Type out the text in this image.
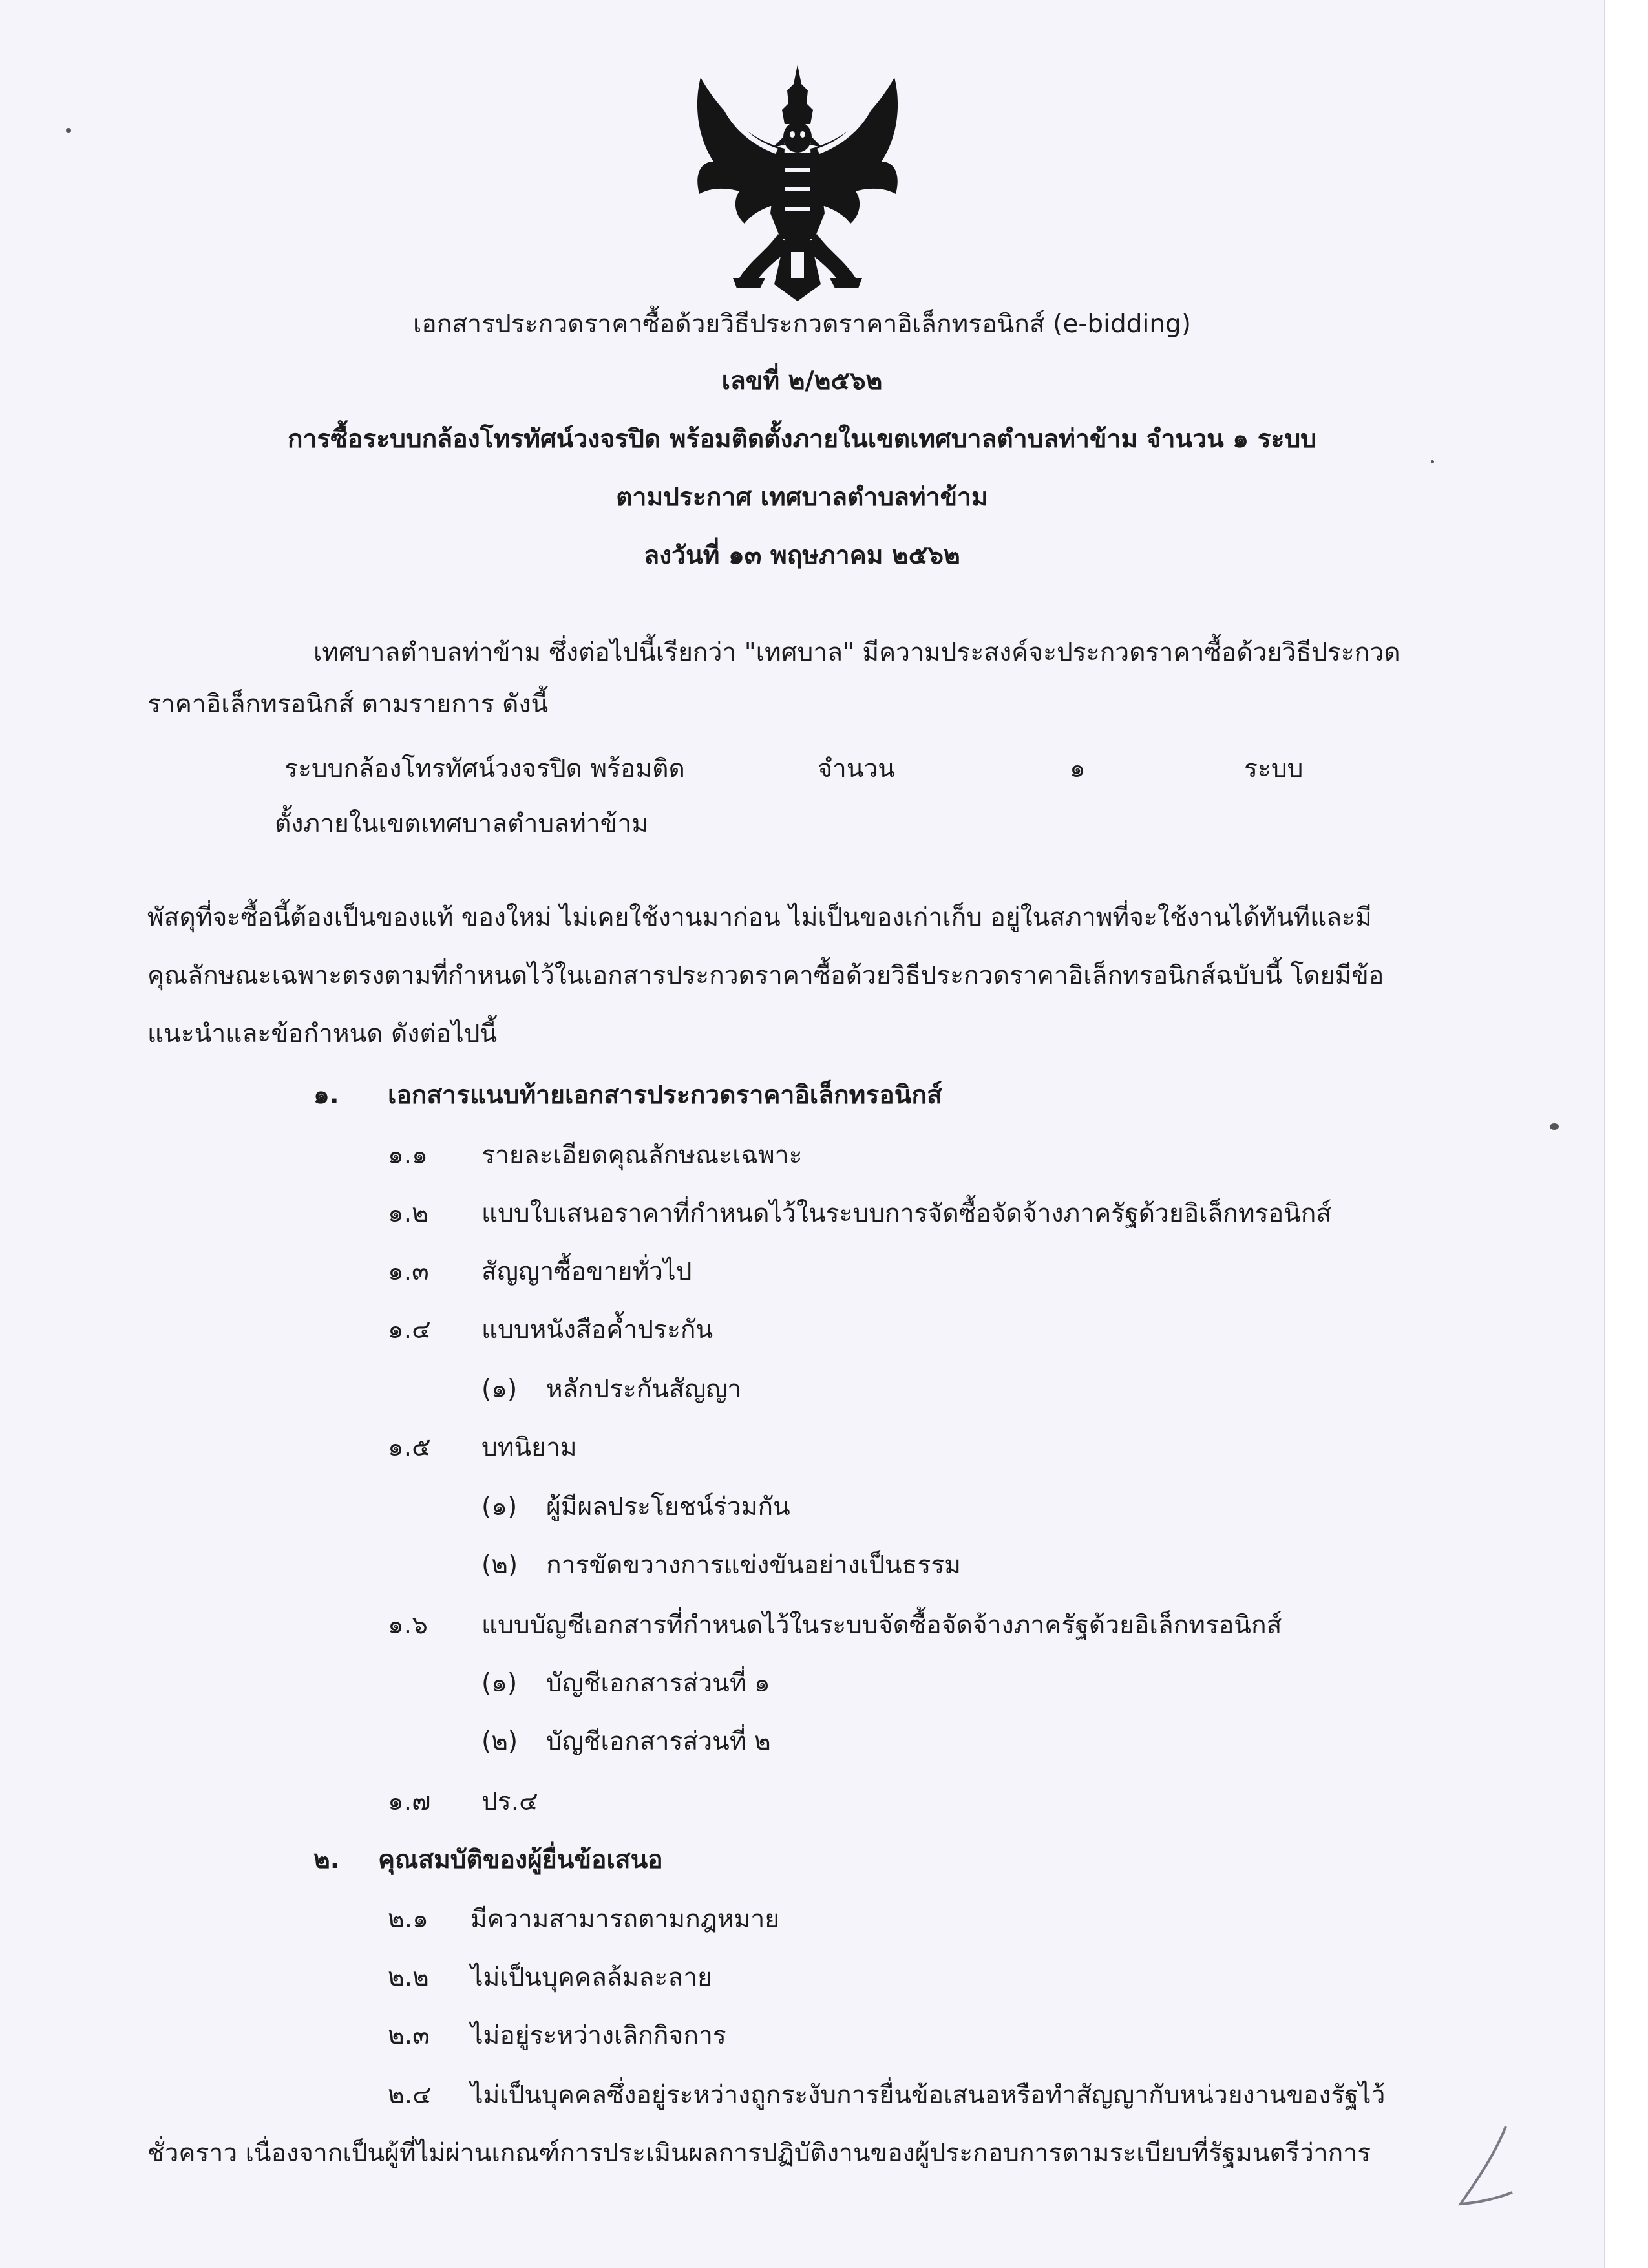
เอกสารประกวดราคาซื้อด้วยวิธีประกวดราคาอิเล็กทรอนิกส์ (e-bidding)
เลขที่ ๒/๒๕๖๒
การซื้อระบบกล้องโทรทัศน์วงจรปิด พร้อมติดตั้งภายในเขตเทศบาลตำบลท่าข้าม จำนวน ๑ ระบบ
ตามประกาศ เทศบาลตำบลท่าข้าม
ลงวันที่ ๑๓ พฤษภาคม ๒๕๖๒
เทศบาลตำบลท่าข้าม ซึ่งต่อไปนี้เรียกว่า "เทศบาล" มีความประสงค์จะประกวดราคาซื้อด้วยวิธีประกวด
ราคาอิเล็กทรอนิกส์ ตามรายการ ดังนี้
ระบบกล้องโทรทัศน์วงจรปิด พร้อมติด	จำนวน	๑	ระบบ
ตั้งภายในเขตเทศบาลตำบลท่าข้าม
พัสดุที่จะซื้อนี้ต้องเป็นของแท้ ของใหม่ ไม่เคยใช้งานมาก่อน ไม่เป็นของเก่าเก็บ อยู่ในสภาพที่จะใช้งานได้ทันทีและมี
คุณลักษณะเฉพาะตรงตามที่กำหนดไว้ในเอกสารประกวดราคาซื้อด้วยวิธีประกวดราคาอิเล็กทรอนิกส์ฉบับนี้ โดยมีข้อ
แนะนำและข้อกำหนด ดังต่อไปนี้
๑. เอกสารแนบท้ายเอกสารประกวดราคาอิเล็กทรอนิกส์
๑.๑ รายละเอียดคุณลักษณะเฉพาะ
๑.๒ แบบใบเสนอราคาที่กำหนดไว้ในระบบการจัดซื้อจัดจ้างภาครัฐด้วยอิเล็กทรอนิกส์
๑.๓ สัญญาซื้อขายทั่วไป
๑.๔ แบบหนังสือค้ำประกัน
(๑) หลักประกันสัญญา
๑.๕ บทนิยาม
(๑) ผู้มีผลประโยชน์ร่วมกัน
(๒) การขัดขวางการแข่งขันอย่างเป็นธรรม
๑.๖ แบบบัญชีเอกสารที่กำหนดไว้ในระบบจัดซื้อจัดจ้างภาครัฐด้วยอิเล็กทรอนิกส์
(๑) บัญชีเอกสารส่วนที่ ๑
(๒) บัญชีเอกสารส่วนที่ ๒
๑.๗ ปร.๔
๒. คุณสมบัติของผู้ยื่นข้อเสนอ
๒.๑ มีความสามารถตามกฎหมาย
๒.๒ ไม่เป็นบุคคลล้มละลาย
๒.๓ ไม่อยู่ระหว่างเลิกกิจการ
๒.๔ ไม่เป็นบุคคลซึ่งอยู่ระหว่างถูกระงับการยื่นข้อเสนอหรือทำสัญญากับหน่วยงานของรัฐไว้
ชั่วคราว เนื่องจากเป็นผู้ที่ไม่ผ่านเกณฑ์การประเมินผลการปฏิบัติงานของผู้ประกอบการตามระเบียบที่รัฐมนตรีว่าการ
